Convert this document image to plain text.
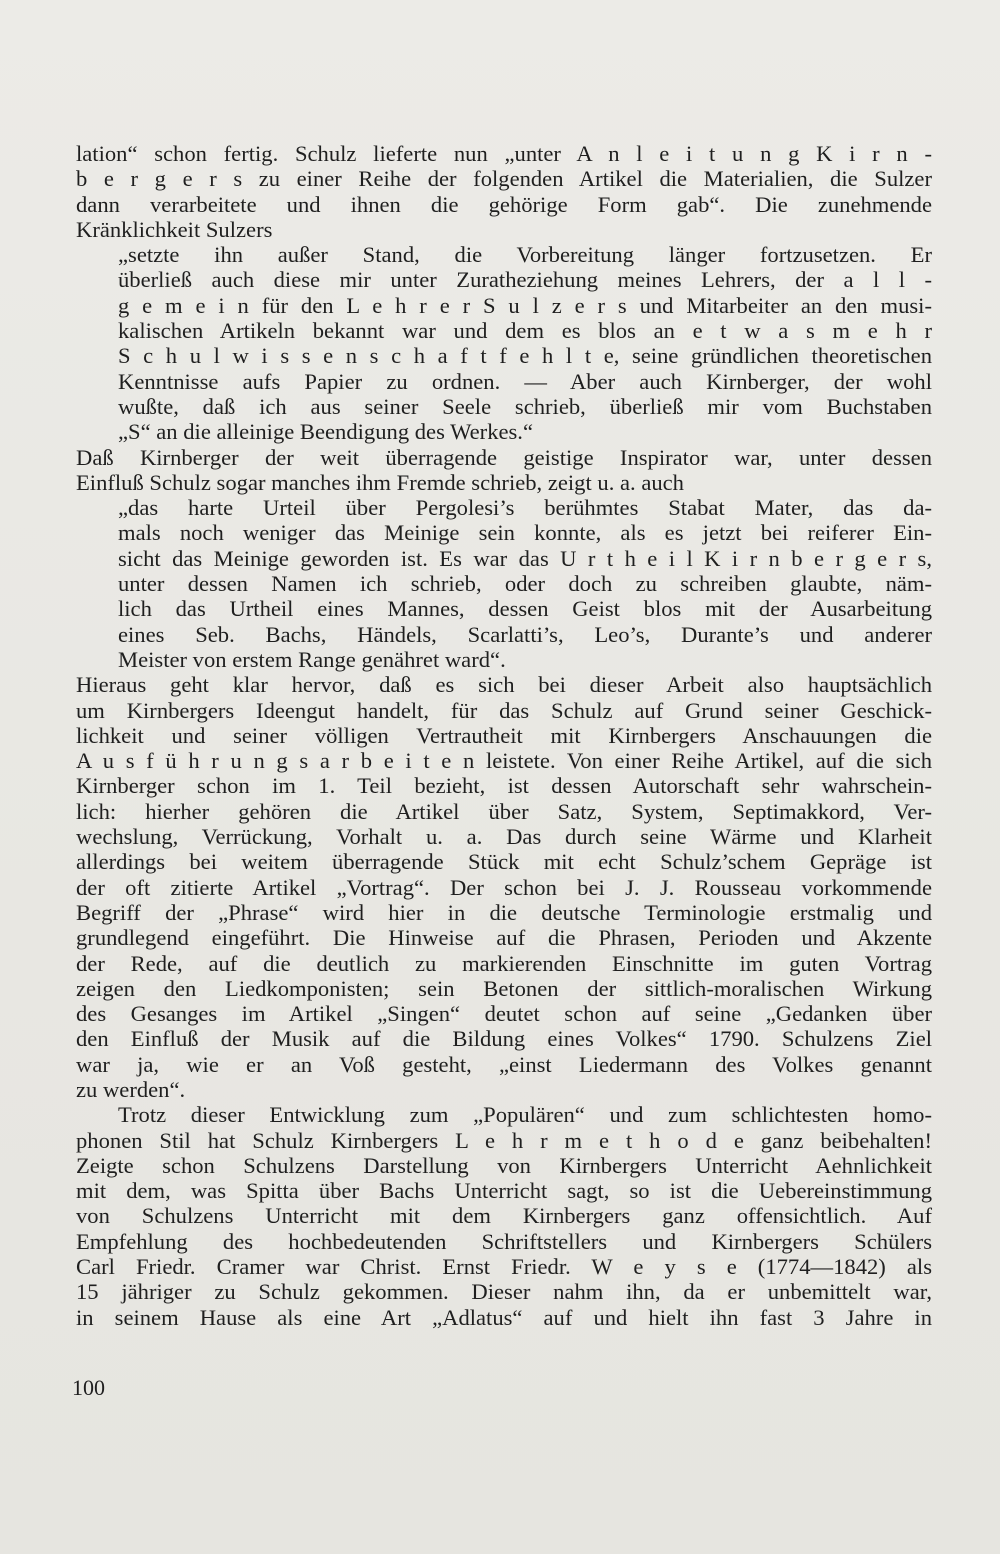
lation“ schon fertig. Schulz lieferte nun „unter A n l e i t u n g K i r n -
b e r g e r s zu einer Reihe der folgenden Artikel die Materialien, die Sulzer
dann verarbeitete und ihnen die gehörige Form gab“. Die zunehmende
Kränklichkeit Sulzers
„setzte ihn außer Stand, die Vorbereitung länger fortzusetzen. Er
überließ auch diese mir unter Zuratheziehung meines Lehrers, der a l l -
g e m e i n für den L e h r e r S u l z e r s und Mitarbeiter an den musi-
kalischen Artikeln bekannt war und dem es blos an e t w a s m e h r
S c h u l w i s s e n s c h a f t f e h l t e, seine gründlichen theoretischen
Kenntnisse aufs Papier zu ordnen. — Aber auch Kirnberger, der wohl
wußte, daß ich aus seiner Seele schrieb, überließ mir vom Buchstaben
„S“ an die alleinige Beendigung des Werkes.“
Daß Kirnberger der weit überragende geistige Inspirator war, unter dessen
Einfluß Schulz sogar manches ihm Fremde schrieb, zeigt u. a. auch
„das harte Urteil über Pergolesi’s berühmtes Stabat Mater, das da-
mals noch weniger das Meinige sein konnte, als es jetzt bei reiferer Ein-
sicht das Meinige geworden ist. Es war das U r t h e i l K i r n b e r g e r s,
unter dessen Namen ich schrieb, oder doch zu schreiben glaubte, näm-
lich das Urtheil eines Mannes, dessen Geist blos mit der Ausarbeitung
eines Seb. Bachs, Händels, Scarlatti’s, Leo’s, Durante’s und anderer
Meister von erstem Range genähret ward“.
Hieraus geht klar hervor, daß es sich bei dieser Arbeit also hauptsächlich
um Kirnbergers Ideengut handelt, für das Schulz auf Grund seiner Geschick-
lichkeit und seiner völligen Vertrautheit mit Kirnbergers Anschauungen die
A u s f ü h r u n g s a r b e i t e n leistete. Von einer Reihe Artikel, auf die sich
Kirnberger schon im 1. Teil bezieht, ist dessen Autorschaft sehr wahrschein-
lich: hierher gehören die Artikel über Satz, System, Septimakkord, Ver-
wechslung, Verrückung, Vorhalt u. a. Das durch seine Wärme und Klarheit
allerdings bei weitem überragende Stück mit echt Schulz’schem Gepräge ist
der oft zitierte Artikel „Vortrag“. Der schon bei J. J. Rousseau vorkommende
Begriff der „Phrase“ wird hier in die deutsche Terminologie erstmalig und
grundlegend eingeführt. Die Hinweise auf die Phrasen, Perioden und Akzente
der Rede, auf die deutlich zu markierenden Einschnitte im guten Vortrag
zeigen den Liedkomponisten; sein Betonen der sittlich-moralischen Wirkung
des Gesanges im Artikel „Singen“ deutet schon auf seine „Gedanken über
den Einfluß der Musik auf die Bildung eines Volkes“ 1790. Schulzens Ziel
war ja, wie er an Voß gesteht, „einst Liedermann des Volkes genannt
zu werden“.
Trotz dieser Entwicklung zum „Populären“ und zum schlichtesten homo-
phonen Stil hat Schulz Kirnbergers L e h r m e t h o d e ganz beibehalten!
Zeigte schon Schulzens Darstellung von Kirnbergers Unterricht Aehnlichkeit
mit dem, was Spitta über Bachs Unterricht sagt, so ist die Uebereinstimmung
von Schulzens Unterricht mit dem Kirnbergers ganz offensichtlich. Auf
Empfehlung des hochbedeutenden Schriftstellers und Kirnbergers Schülers
Carl Friedr. Cramer war Christ. Ernst Friedr. W e y s e (1774—1842) als
15 jähriger zu Schulz gekommen. Dieser nahm ihn, da er unbemittelt war,
in seinem Hause als eine Art „Adlatus“ auf und hielt ihn fast 3 Jahre in
100
